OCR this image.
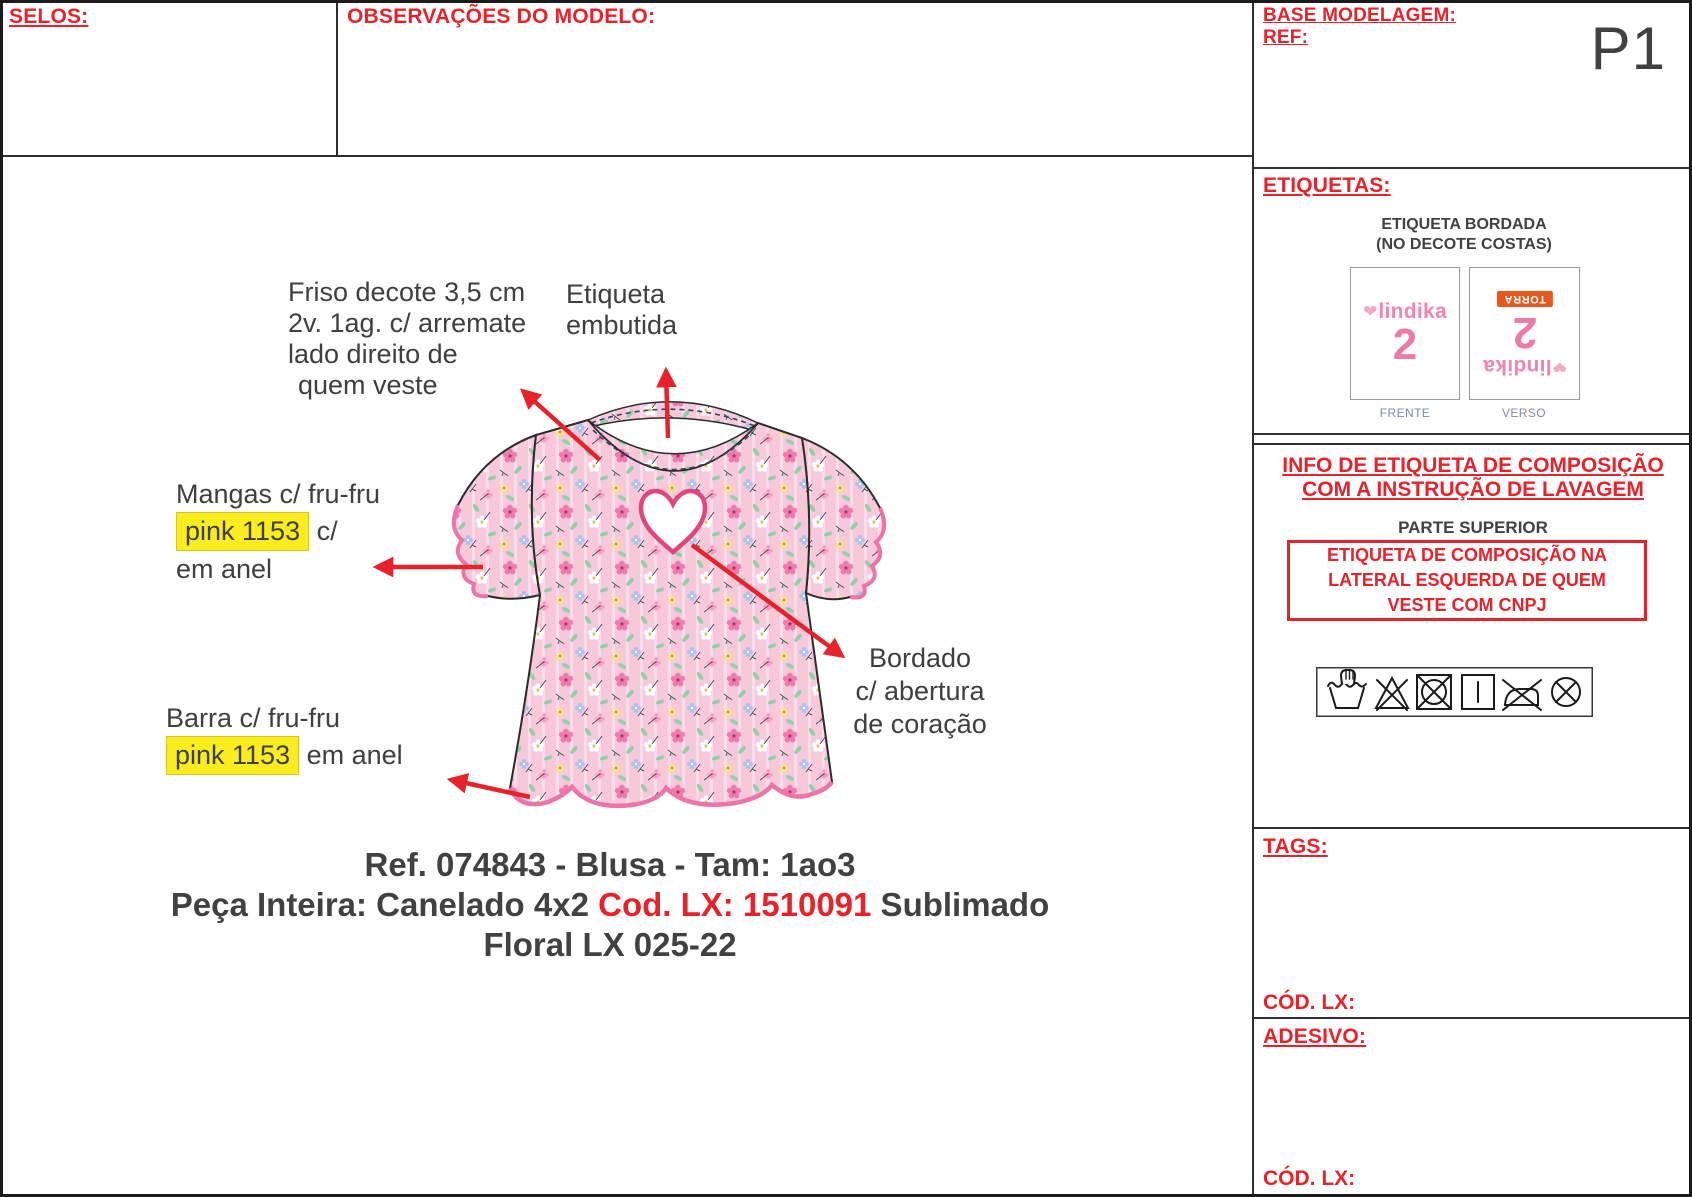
SELOS:	OBSERVAÇÕES DO MODELO:	BASE MODELAGEM:
REF:	P1
ETIQUETAS:
ETIQUETA BORDADA
(NO DECOTE COSTAS)
❤ lindika
2	❤
lindika
2
TORRA
FRENTE	VERSO
INFO DE ETIQUETA DE COMPOSIÇÃO
COM A INSTRUÇÃO DE LAVAGEM
PARTE SUPERIOR
ETIQUETA DE COMPOSIÇÃO NA
LATERAL ESQUERDA DE QUEM
VESTE COM CNPJ
TAGS:
CÓD. LX:
ADESIVO:
CÓD. LX:
Friso decote 3,5 cm
2v. 1ag. c/ arremate
lado direito de
quem veste
Etiqueta
embutida
Mangas c/ fru-fru
pink 1153 c/
em anel
Barra c/ fru-fru
pink 1153 em anel
Bordado
c/ abertura
de coração
Ref. 074843 - Blusa - Tam: 1ao3
Peça Inteira: Canelado 4x2 Cod. LX: 1510091 Sublimado
Floral LX 025-22
